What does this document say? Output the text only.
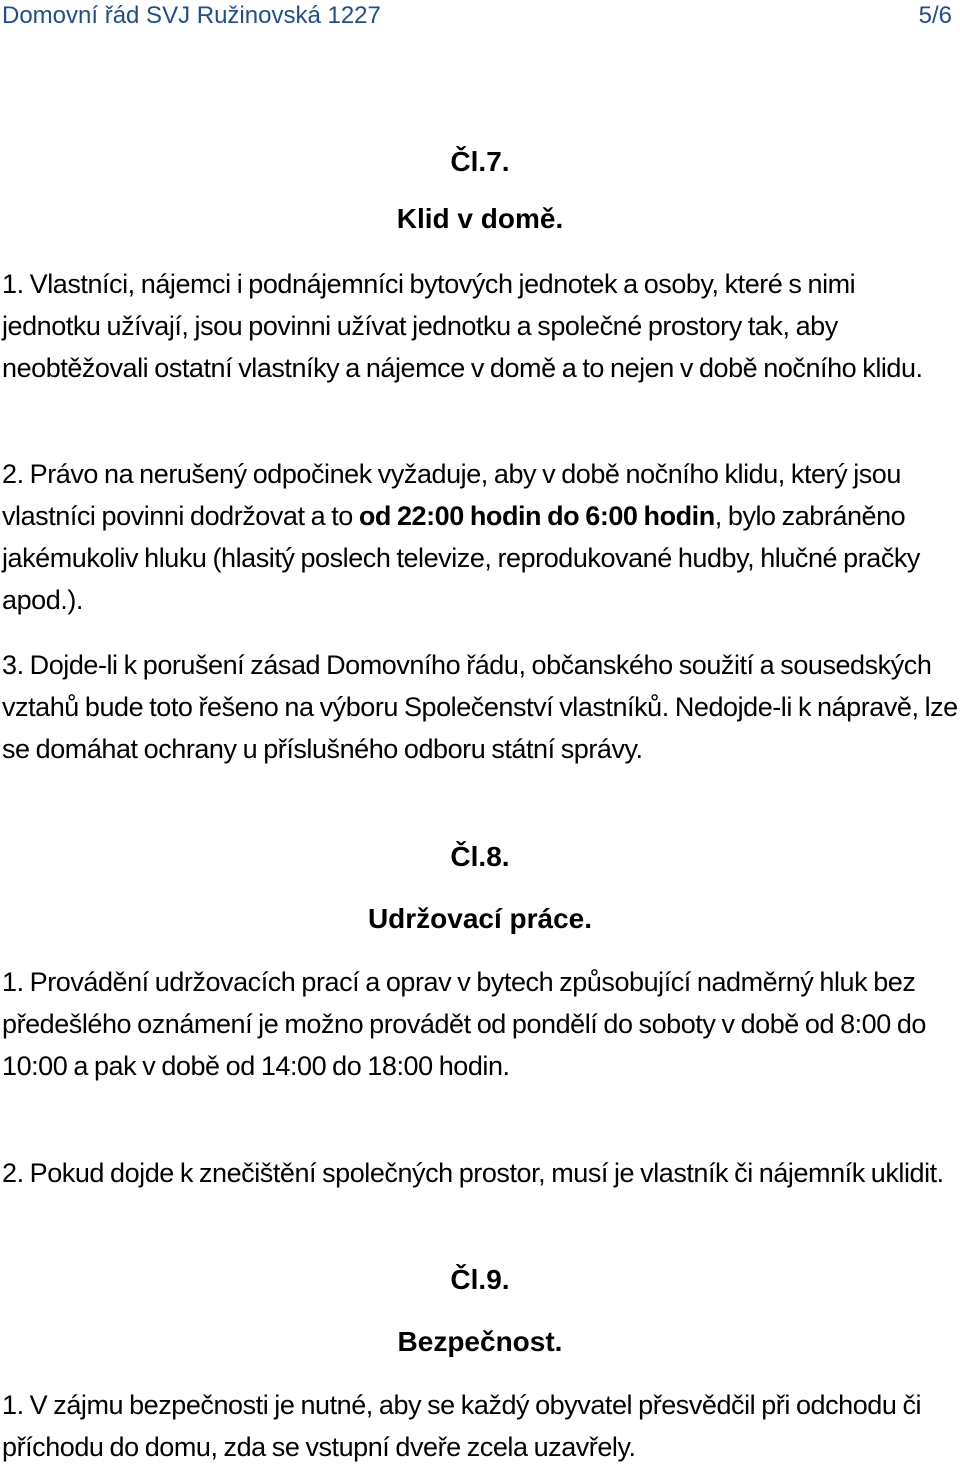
Domovní řád SVJ Ružinovská 1227	5/6
Čl.7.
Klid v domě.

1. Vlastníci, nájemci i podnájemníci bytových jednotek a osoby, které s nimi jednotku užívají, jsou povinni užívat jednotku a společné prostory tak, aby neobtěžovali ostatní vlastníky a nájemce v domě a to nejen v době nočního klidu.

2. Právo na nerušený odpočinek vyžaduje, aby v době nočního klidu, který jsou vlastníci povinni dodržovat a to od 22:00 hodin do 6:00 hodin, bylo zabráněno jakémukoliv hluku (hlasitý poslech televize, reprodukované hudby, hlučné pračky apod.).

3. Dojde-li k porušení zásad Domovního řádu, občanského soužití a sousedských vztahů bude toto řešeno na výboru Společenství vlastníků. Nedojde-li k nápravě, lze se domáhat ochrany u příslušného odboru státní správy.

Čl.8.
Udržovací práce.

1. Provádění udržovacích prací a oprav v bytech způsobující nadměrný hluk bez předešlého oznámení je možno provádět od pondělí do soboty v době od 8:00 do 10:00 a pak v době od 14:00 do 18:00 hodin.

2. Pokud dojde k znečištění společných prostor, musí je vlastník či nájemník uklidit.

Čl.9.
Bezpečnost.

1. V zájmu bezpečnosti je nutné, aby se každý obyvatel přesvědčil při odchodu či příchodu do domu, zda se vstupní dveře zcela uzavřely.
